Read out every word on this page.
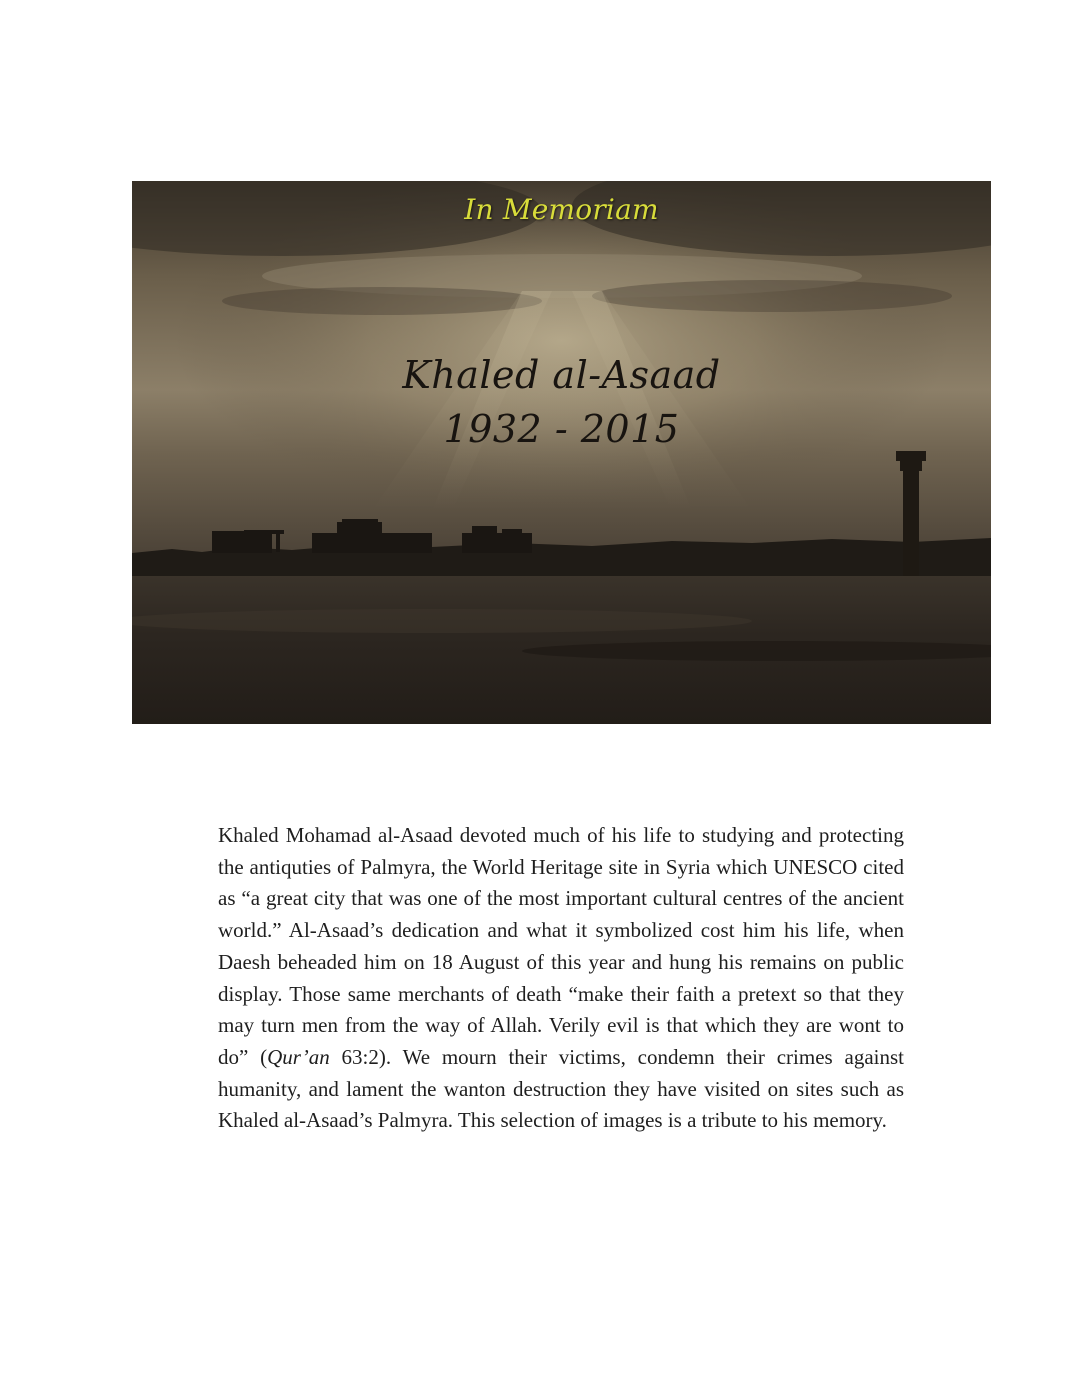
In Memoriam
Khaled al-Asaad
1932 - 2015

Khaled Mohamad al-Asaad devoted much of his life to studying and protecting the antiquties of Palmyra, the World Heritage site in Syria which UNESCO cited as “a great city that was one of the most important cultural centres of the ancient world.” Al-Asaad’s dedication and what it symbolized cost him his life, when Daesh beheaded him on 18 August of this year and hung his remains on public display. Those same merchants of death “make their faith a pretext so that they may turn men from the way of Allah. Verily evil is that which they are wont to do” (Qur’an 63:2). We mourn their victims, condemn their crimes against humanity, and lament the wanton destruction they have visited on sites such as Khaled al-Asaad’s Palmyra. This selection of images is a tribute to his memory.
